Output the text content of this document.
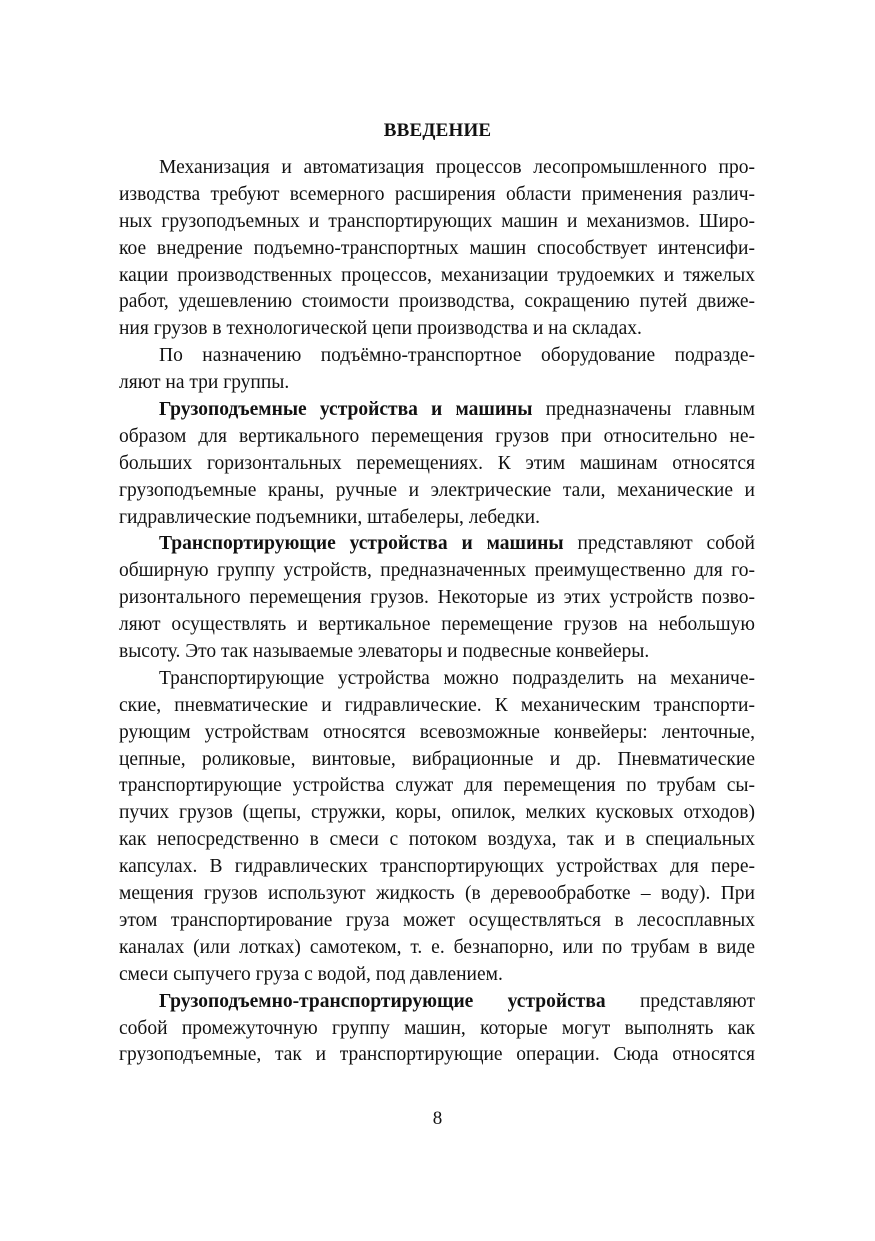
ВВЕДЕНИЕ
Механизация и автоматизация процессов лесопромышленного про-
изводства требуют всемерного расширения области применения различ-
ных грузоподъемных и транспортирующих машин и механизмов. Широ-
кое внедрение подъемно-транспортных машин способствует интенсифи-
кации производственных процессов, механизации трудоемких и тяжелых
работ, удешевлению стоимости производства, сокращению путей движе-
ния грузов в технологической цепи производства и на складах.
По назначению подъёмно-транспортное оборудование подразде-
ляют на три группы.
Грузоподъемные устройства и машины предназначены главным
образом для вертикального перемещения грузов при относительно не-
больших горизонтальных перемещениях. К этим машинам относятся
грузоподъемные краны, ручные и электрические тали, механические и
гидравлические подъемники, штабелеры, лебедки.
Транспортирующие устройства и машины представляют собой
обширную группу устройств, предназначенных преимущественно для го-
ризонтального перемещения грузов. Некоторые из этих устройств позво-
ляют осуществлять и вертикальное перемещение грузов на небольшую
высоту. Это так называемые элеваторы и подвесные конвейеры.
Транспортирующие устройства можно подразделить на механиче-
ские, пневматические и гидравлические. К механическим транспорти-
рующим устройствам относятся всевозможные конвейеры: ленточные,
цепные, роликовые, винтовые, вибрационные и др. Пневматические
транспортирующие устройства служат для перемещения по трубам сы-
пучих грузов (щепы, стружки, коры, опилок, мелких кусковых отходов)
как непосредственно в смеси с потоком воздуха, так и в специальных
капсулах. В гидравлических транспортирующих устройствах для пере-
мещения грузов используют жидкость (в деревообработке – воду). При
этом транспортирование груза может осуществляться в лесосплавных
каналах (или лотках) самотеком, т. е. безнапорно, или по трубам в виде
смеси сыпучего груза с водой, под давлением.
Грузоподъемно-транспортирующие устройства представляют
собой промежуточную группу машин, которые могут выполнять как
грузоподъемные, так и транспортирующие операции. Сюда относятся
8
